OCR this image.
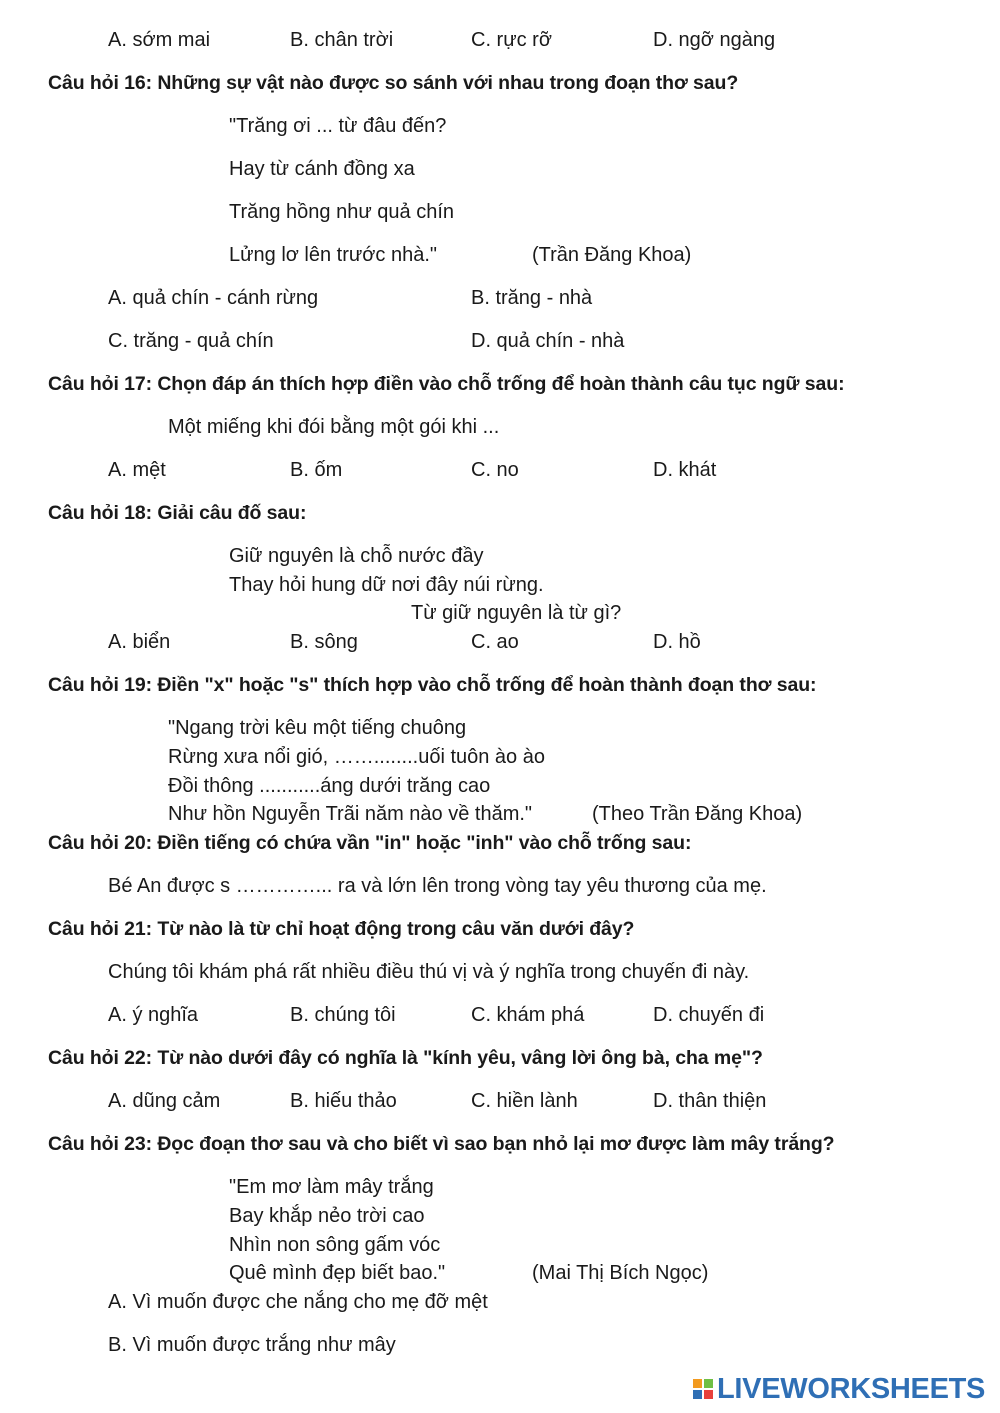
A. sớm mai	B. chân trời	C. rực rỡ	D. ngỡ ngàng
Câu hỏi 16: Những sự vật nào được so sánh với nhau trong đoạn thơ sau?
"Trăng ơi ... từ đâu đến?
Hay từ cánh đồng xa
Trăng hồng như quả chín
Lửng lơ lên trước nhà."	(Trần Đăng Khoa)
A. quả chín - cánh rừng	B. trăng - nhà
C. trăng - quả chín	D. quả chín - nhà
Câu hỏi 17: Chọn đáp án thích hợp điền vào chỗ trống để hoàn thành câu tục ngữ sau:
Một miếng khi đói bằng một gói khi ...
A. mệt	B. ốm	C. no	D. khát
Câu hỏi 18: Giải câu đố sau:
Giữ nguyên là chỗ nước đầy
Thay hỏi hung dữ nơi đây núi rừng.
Từ giữ nguyên là từ gì?
A. biển	B. sông	C. ao	D. hồ
Câu hỏi 19: Điền "x" hoặc "s" thích hợp vào chỗ trống để hoàn thành đoạn thơ sau:
"Ngang trời kêu một tiếng chuông
Rừng xưa nổi gió, ……........uối tuôn ào ào
Đồi thông ...........áng dưới trăng cao
Như hồn Nguyễn Trãi năm nào về thăm."	(Theo Trần Đăng Khoa)
Câu hỏi 20: Điền tiếng có chứa vần "in" hoặc "inh" vào chỗ trống sau:
Bé An được s …………... ra và lớn lên trong vòng tay yêu thương của mẹ.
Câu hỏi 21: Từ nào là từ chỉ hoạt động trong câu văn dưới đây?
Chúng tôi khám phá rất nhiều điều thú vị và ý nghĩa trong chuyến đi này.
A. ý nghĩa	B. chúng tôi	C. khám phá	D. chuyến đi
Câu hỏi 22: Từ nào dưới đây có nghĩa là "kính yêu, vâng lời ông bà, cha mẹ"?
A. dũng cảm	B. hiếu thảo	C. hiền lành	D. thân thiện
Câu hỏi 23: Đọc đoạn thơ sau và cho biết vì sao bạn nhỏ lại mơ được làm mây trắng?
"Em mơ làm mây trắng
Bay khắp nẻo trời cao
Nhìn non sông gấm vóc
Quê mình đẹp biết bao."	(Mai Thị Bích Ngọc)
A. Vì muốn được che nắng cho mẹ đỡ mệt
B. Vì muốn được trắng như mây
LIVEWORKSHEETS
